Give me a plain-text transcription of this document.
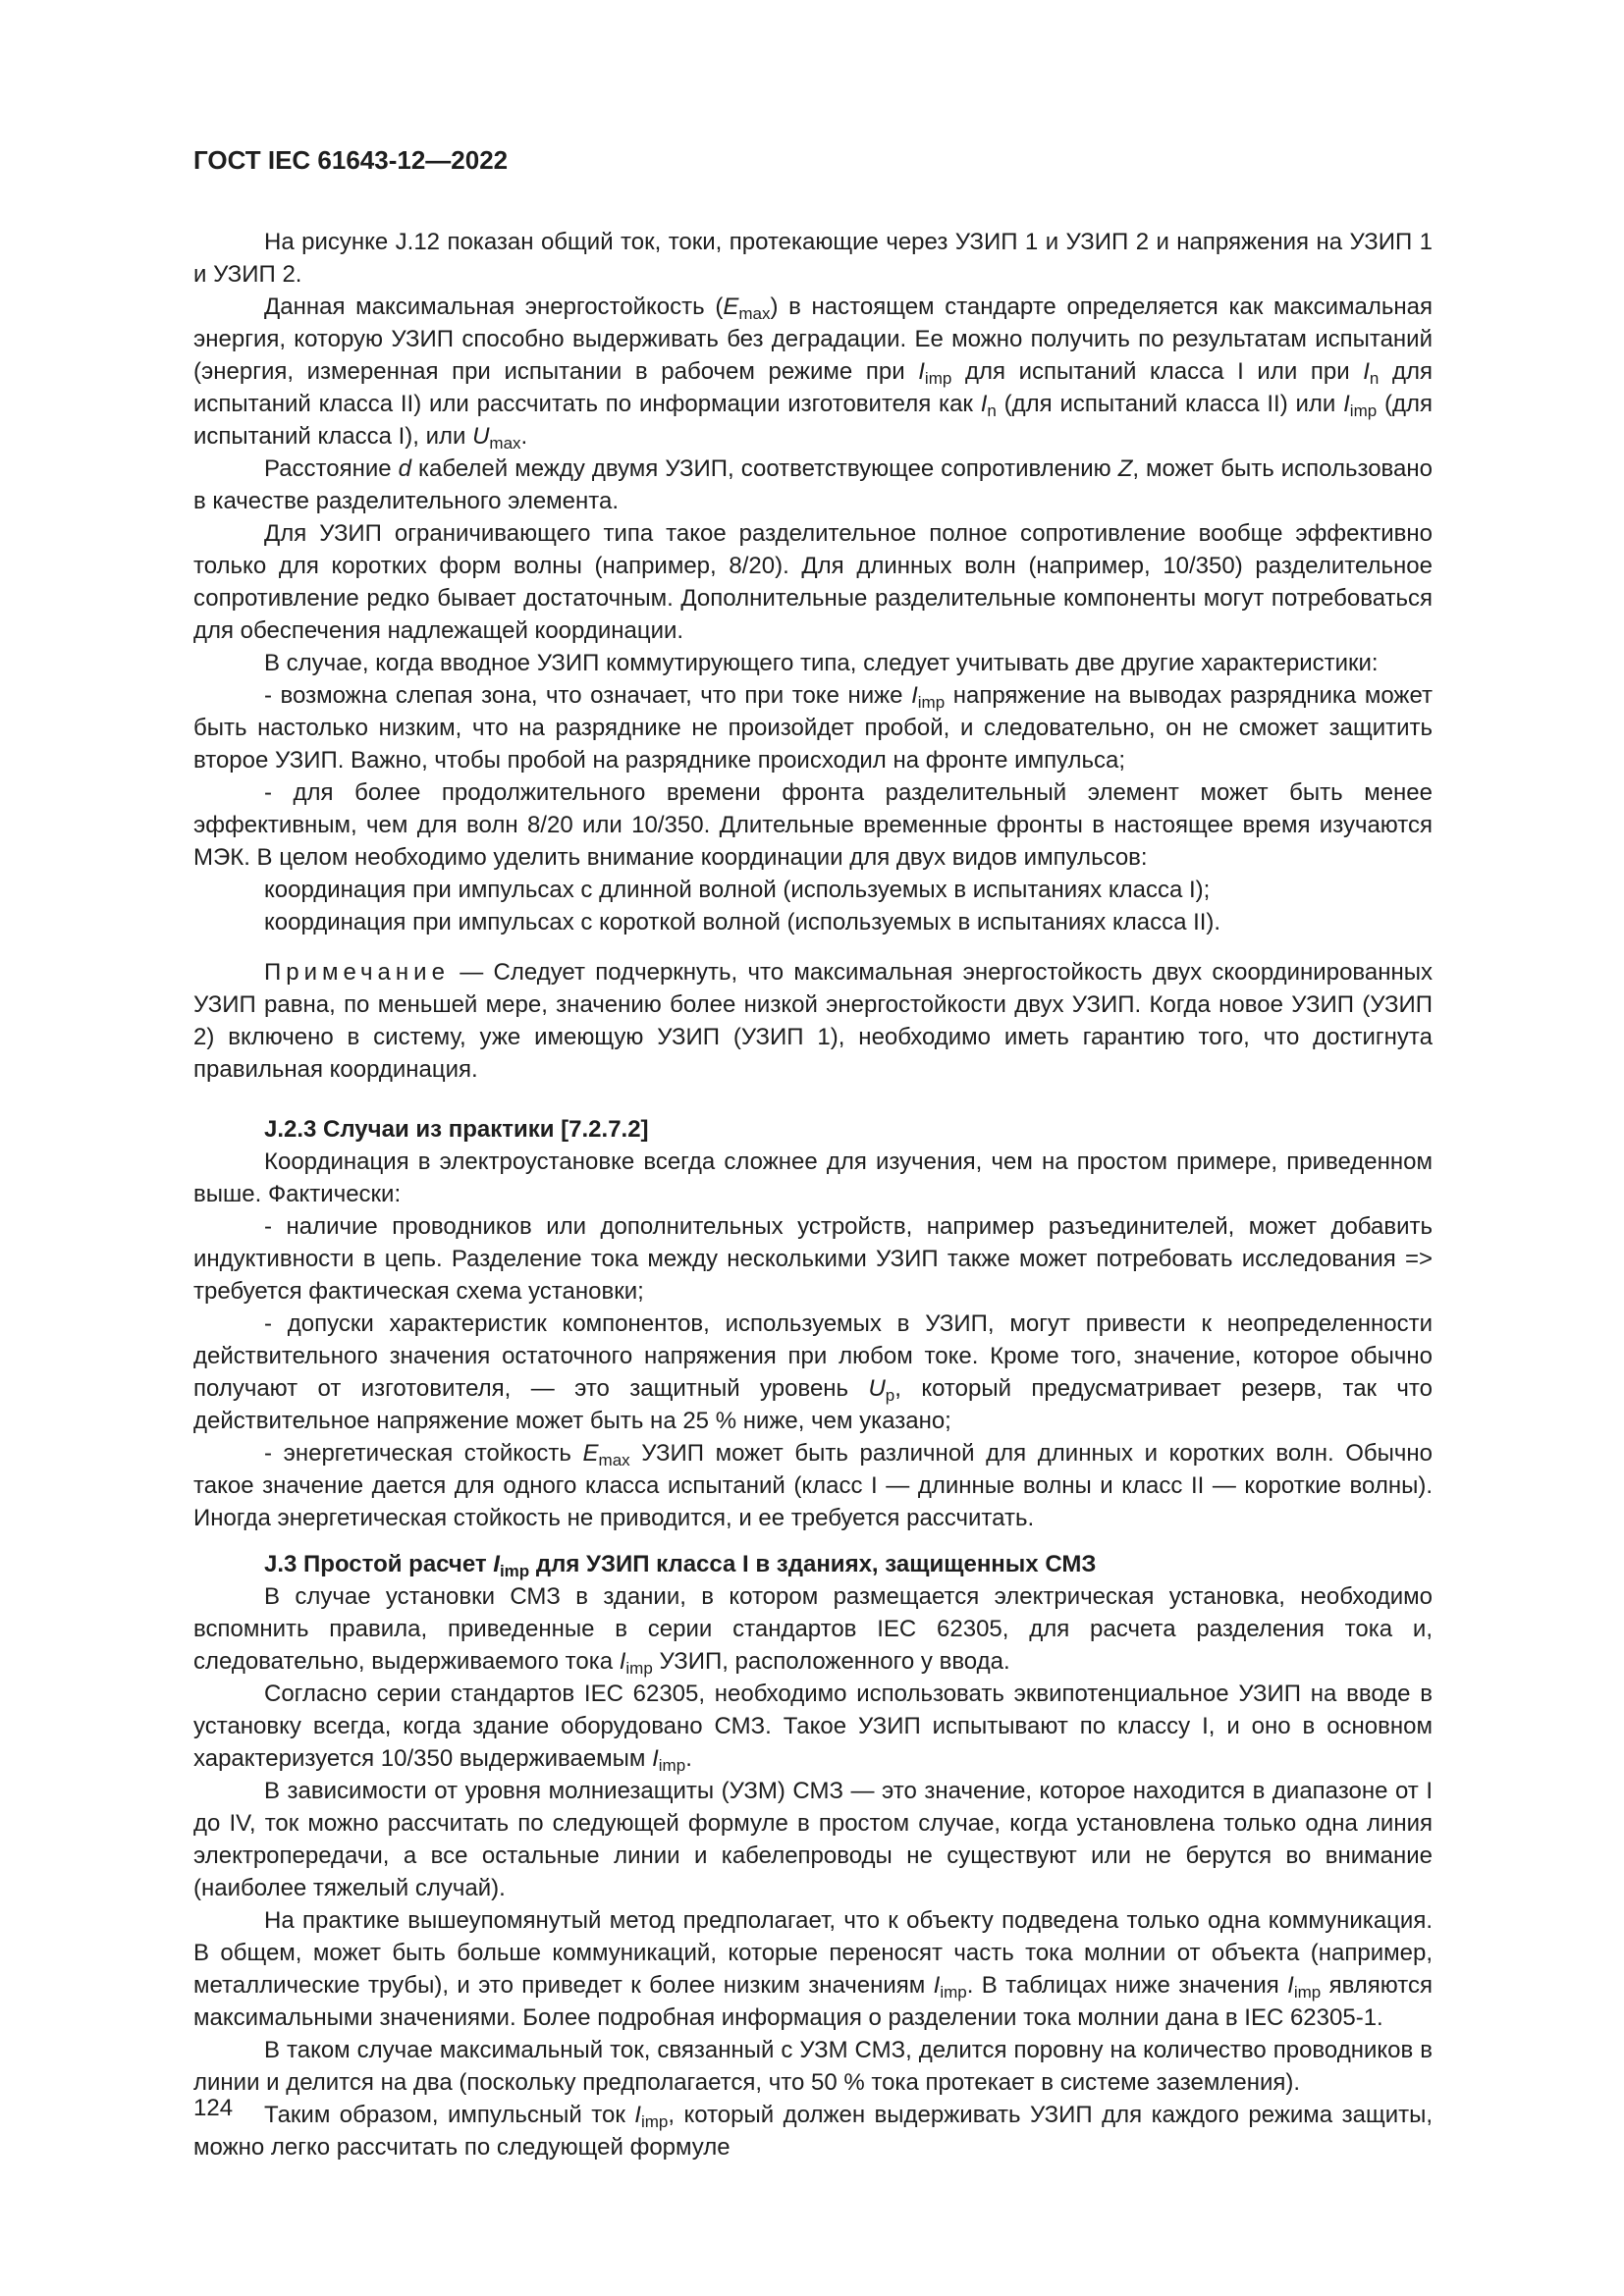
ГОСТ IEC 61643-12—2022

На рисунке J.12 показан общий ток, токи, протекающие через УЗИП 1 и УЗИП 2 и напряжения на УЗИП 1 и УЗИП 2.

Данная максимальная энергостойкость $(E_{max})$ в настоящем стандарте определяется как максимальная энергия, которую УЗИП способно выдерживать без деградации. Ее можно получить по результатам испытаний (энергия, измеренная при испытании в рабочем режиме при $I_{imp}$ для испытаний класса I или при $I_n$ для испытаний класса II) или рассчитать по информации изготовителя как $I_n$ (для испытаний класса II) или $I_{imp}$ (для испытаний класса I), или $U_{max}$.

Расстояние d кабелей между двумя УЗИП, соответствующее сопротивлению Z, может быть использовано в качестве разделительного элемента.

Для УЗИП ограничивающего типа такое разделительное полное сопротивление вообще эффективно только для коротких форм волны (например, 8/20). Для длинных волн (например, 10/350) разделительное сопротивление редко бывает достаточным. Дополнительные разделительные компоненты могут потребоваться для обеспечения надлежащей координации.

В случае, когда вводное УЗИП коммутирующего типа, следует учитывать две другие характеристики:

- возможна слепая зона, что означает, что при токе ниже $I_{imp}$ напряжение на выводах разрядника может быть настолько низким, что на разряднике не произойдет пробой, и следовательно, он не сможет защитить второе УЗИП. Важно, чтобы пробой на разряднике происходил на фронте импульса;

- для более продолжительного времени фронта разделительный элемент может быть менее эффективным, чем для волн 8/20 или 10/350. Длительные временные фронты в настоящее время изучаются МЭК. В целом необходимо уделить внимание координации для двух видов импульсов:

координация при импульсах с длинной волной (используемых в испытаниях класса I);

координация при импульсах с короткой волной (используемых в испытаниях класса II).

Примечание — Следует подчеркнуть, что максимальная энергостойкость двух скоординированных УЗИП равна, по меньшей мере, значению более низкой энергостойкости двух УЗИП. Когда новое УЗИП (УЗИП 2) включено в систему, уже имеющую УЗИП (УЗИП 1), необходимо иметь гарантию того, что достигнута правильная координация.

J.2.3 Случаи из практики [7.2.7.2]

Координация в электроустановке всегда сложнее для изучения, чем на простом примере, приведенном выше. Фактически:

- наличие проводников или дополнительных устройств, например разъединителей, может добавить индуктивности в цепь. Разделение тока между несколькими УЗИП также может потребовать исследования => требуется фактическая схема установки;

- допуски характеристик компонентов, используемых в УЗИП, могут привести к неопределенности действительного значения остаточного напряжения при любом токе. Кроме того, значение, которое обычно получают от изготовителя, — это защитный уровень $U_p$, который предусматривает резерв, так что действительное напряжение может быть на 25 % ниже, чем указано;

- энергетическая стойкость $E_{max}$ УЗИП может быть различной для длинных и коротких волн. Обычно такое значение дается для одного класса испытаний (класс I — длинные волны и класс II — короткие волны). Иногда энергетическая стойкость не приводится, и ее требуется рассчитать.

J.3 Простой расчет $I_{imp}$ для УЗИП класса I в зданиях, защищенных СМЗ

В случае установки СМЗ в здании, в котором размещается электрическая установка, необходимо вспомнить правила, приведенные в серии стандартов IEC 62305, для расчета разделения тока и, следовательно, выдерживаемого тока $I_{imp}$ УЗИП, расположенного у ввода.

Согласно серии стандартов IEC 62305, необходимо использовать эквипотенциальное УЗИП на вводе в установку всегда, когда здание оборудовано СМЗ. Такое УЗИП испытывают по классу I, и оно в основном характеризуется 10/350 выдерживаемым $I_{imp}$.

В зависимости от уровня молниезащиты (УЗМ) СМЗ — это значение, которое находится в диапазоне от I до IV, ток можно рассчитать по следующей формуле в простом случае, когда установлена только одна линия электропередачи, а все остальные линии и кабелепроводы не существуют или не берутся во внимание (наиболее тяжелый случай).

На практике вышеупомянутый метод предполагает, что к объекту подведена только одна коммуникация. В общем, может быть больше коммуникаций, которые переносят часть тока молнии от объекта (например, металлические трубы), и это приведет к более низким значениям $I_{imp}$. В таблицах ниже значения $I_{imp}$ являются максимальными значениями. Более подробная информация о разделении тока молнии дана в IEC 62305-1.

В таком случае максимальный ток, связанный с УЗМ СМЗ, делится поровну на количество проводников в линии и делится на два (поскольку предполагается, что 50 % тока протекает в системе заземления).

Таким образом, импульсный ток $I_{imp}$, который должен выдерживать УЗИП для каждого режима защиты, можно легко рассчитать по следующей формуле

124
